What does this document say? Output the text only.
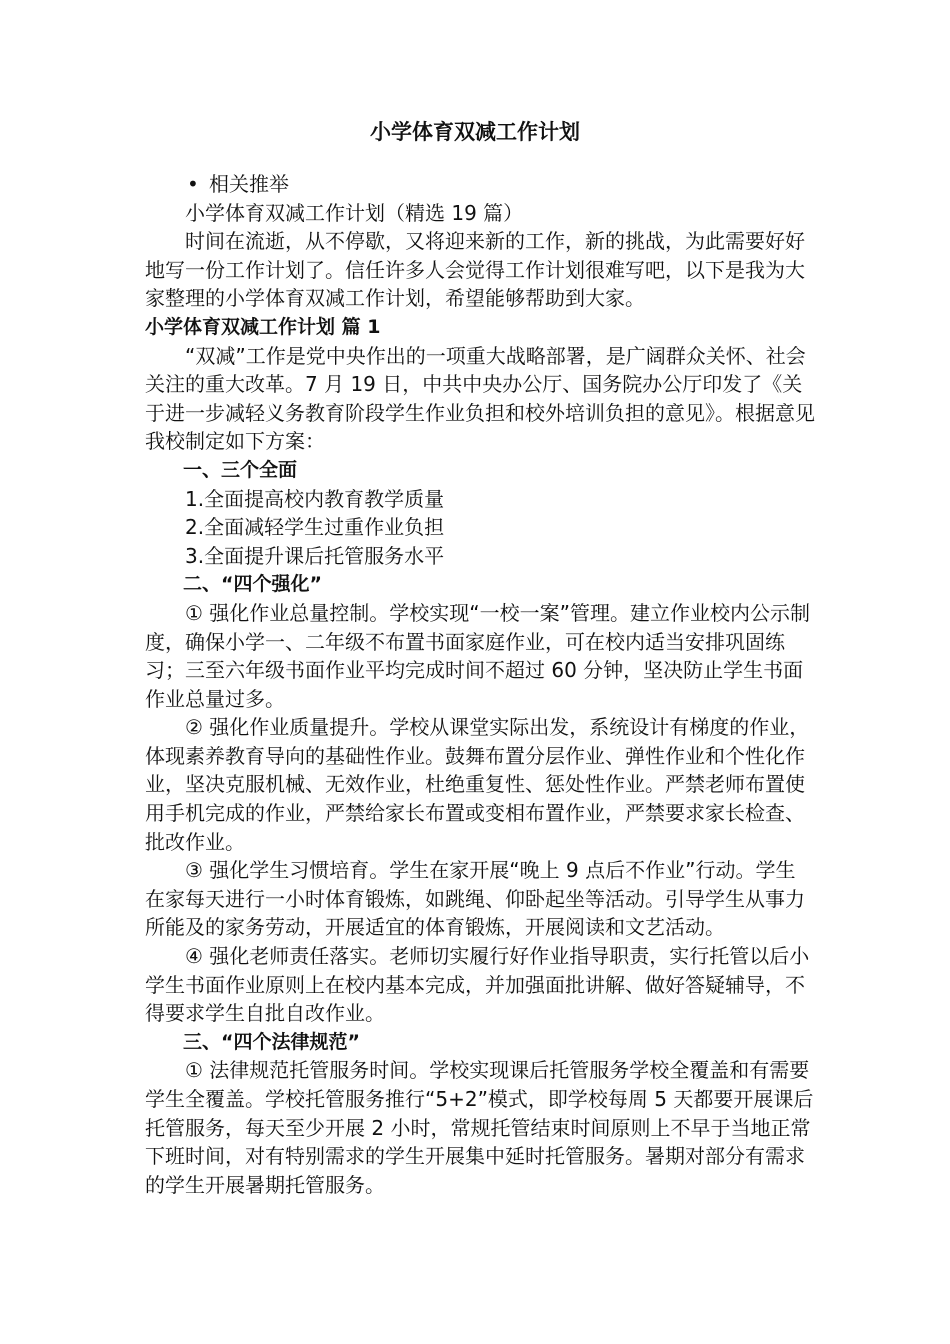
小学体育双减工作计划

• 相关推举

小学体育双减工作计划（精选 19 篇）

时间在流逝，从不停歇，又将迎来新的工作，新的挑战，为此需要好好地写一份工作计划了。信任许多人会觉得工作计划很难写吧，以下是我为大家整理的小学体育双减工作计划，希望能够帮助到大家。

小学体育双减工作计划 篇 1

“双减”工作是党中央作出的一项重大战略部署，是广阔群众关怀、社会关注的重大改革。7 月 19 日，中共中央办公厅、国务院办公厅印发了《关于进一步减轻义务教育阶段学生作业负担和校外培训负担的意见》。根据意见我校制定如下方案：

一、三个全面

1.全面提高校内教育教学质量

2.全面减轻学生过重作业负担

3.全面提升课后托管服务水平

二、“四个强化”

① 强化作业总量控制。学校实现“一校一案”管理。建立作业校内公示制度，确保小学一、二年级不布置书面家庭作业，可在校内适当安排巩固练习；三至六年级书面作业平均完成时间不超过 60 分钟，坚决防止学生书面作业总量过多。

② 强化作业质量提升。学校从课堂实际出发，系统设计有梯度的作业，体现素养教育导向的基础性作业。鼓舞布置分层作业、弹性作业和个性化作业，坚决克服机械、无效作业，杜绝重复性、惩处性作业。严禁老师布置使用手机完成的作业，严禁给家长布置或变相布置作业，严禁要求家长检查、批改作业。

③ 强化学生习惯培育。学生在家开展“晚上 9 点后不作业”行动。学生在家每天进行一小时体育锻炼，如跳绳、仰卧起坐等活动。引导学生从事力所能及的家务劳动，开展适宜的体育锻炼，开展阅读和文艺活动。

④ 强化老师责任落实。老师切实履行好作业指导职责，实行托管以后小学生书面作业原则上在校内基本完成，并加强面批讲解、做好答疑辅导，不得要求学生自批自改作业。

三、“四个法律规范”

① 法律规范托管服务时间。学校实现课后托管服务学校全覆盖和有需要学生全覆盖。学校托管服务推行“5+2”模式，即学校每周 5 天都要开展课后托管服务，每天至少开展 2 小时，常规托管结束时间原则上不早于当地正常下班时间，对有特别需求的学生开展集中延时托管服务。暑期对部分有需求的学生开展暑期托管服务。
